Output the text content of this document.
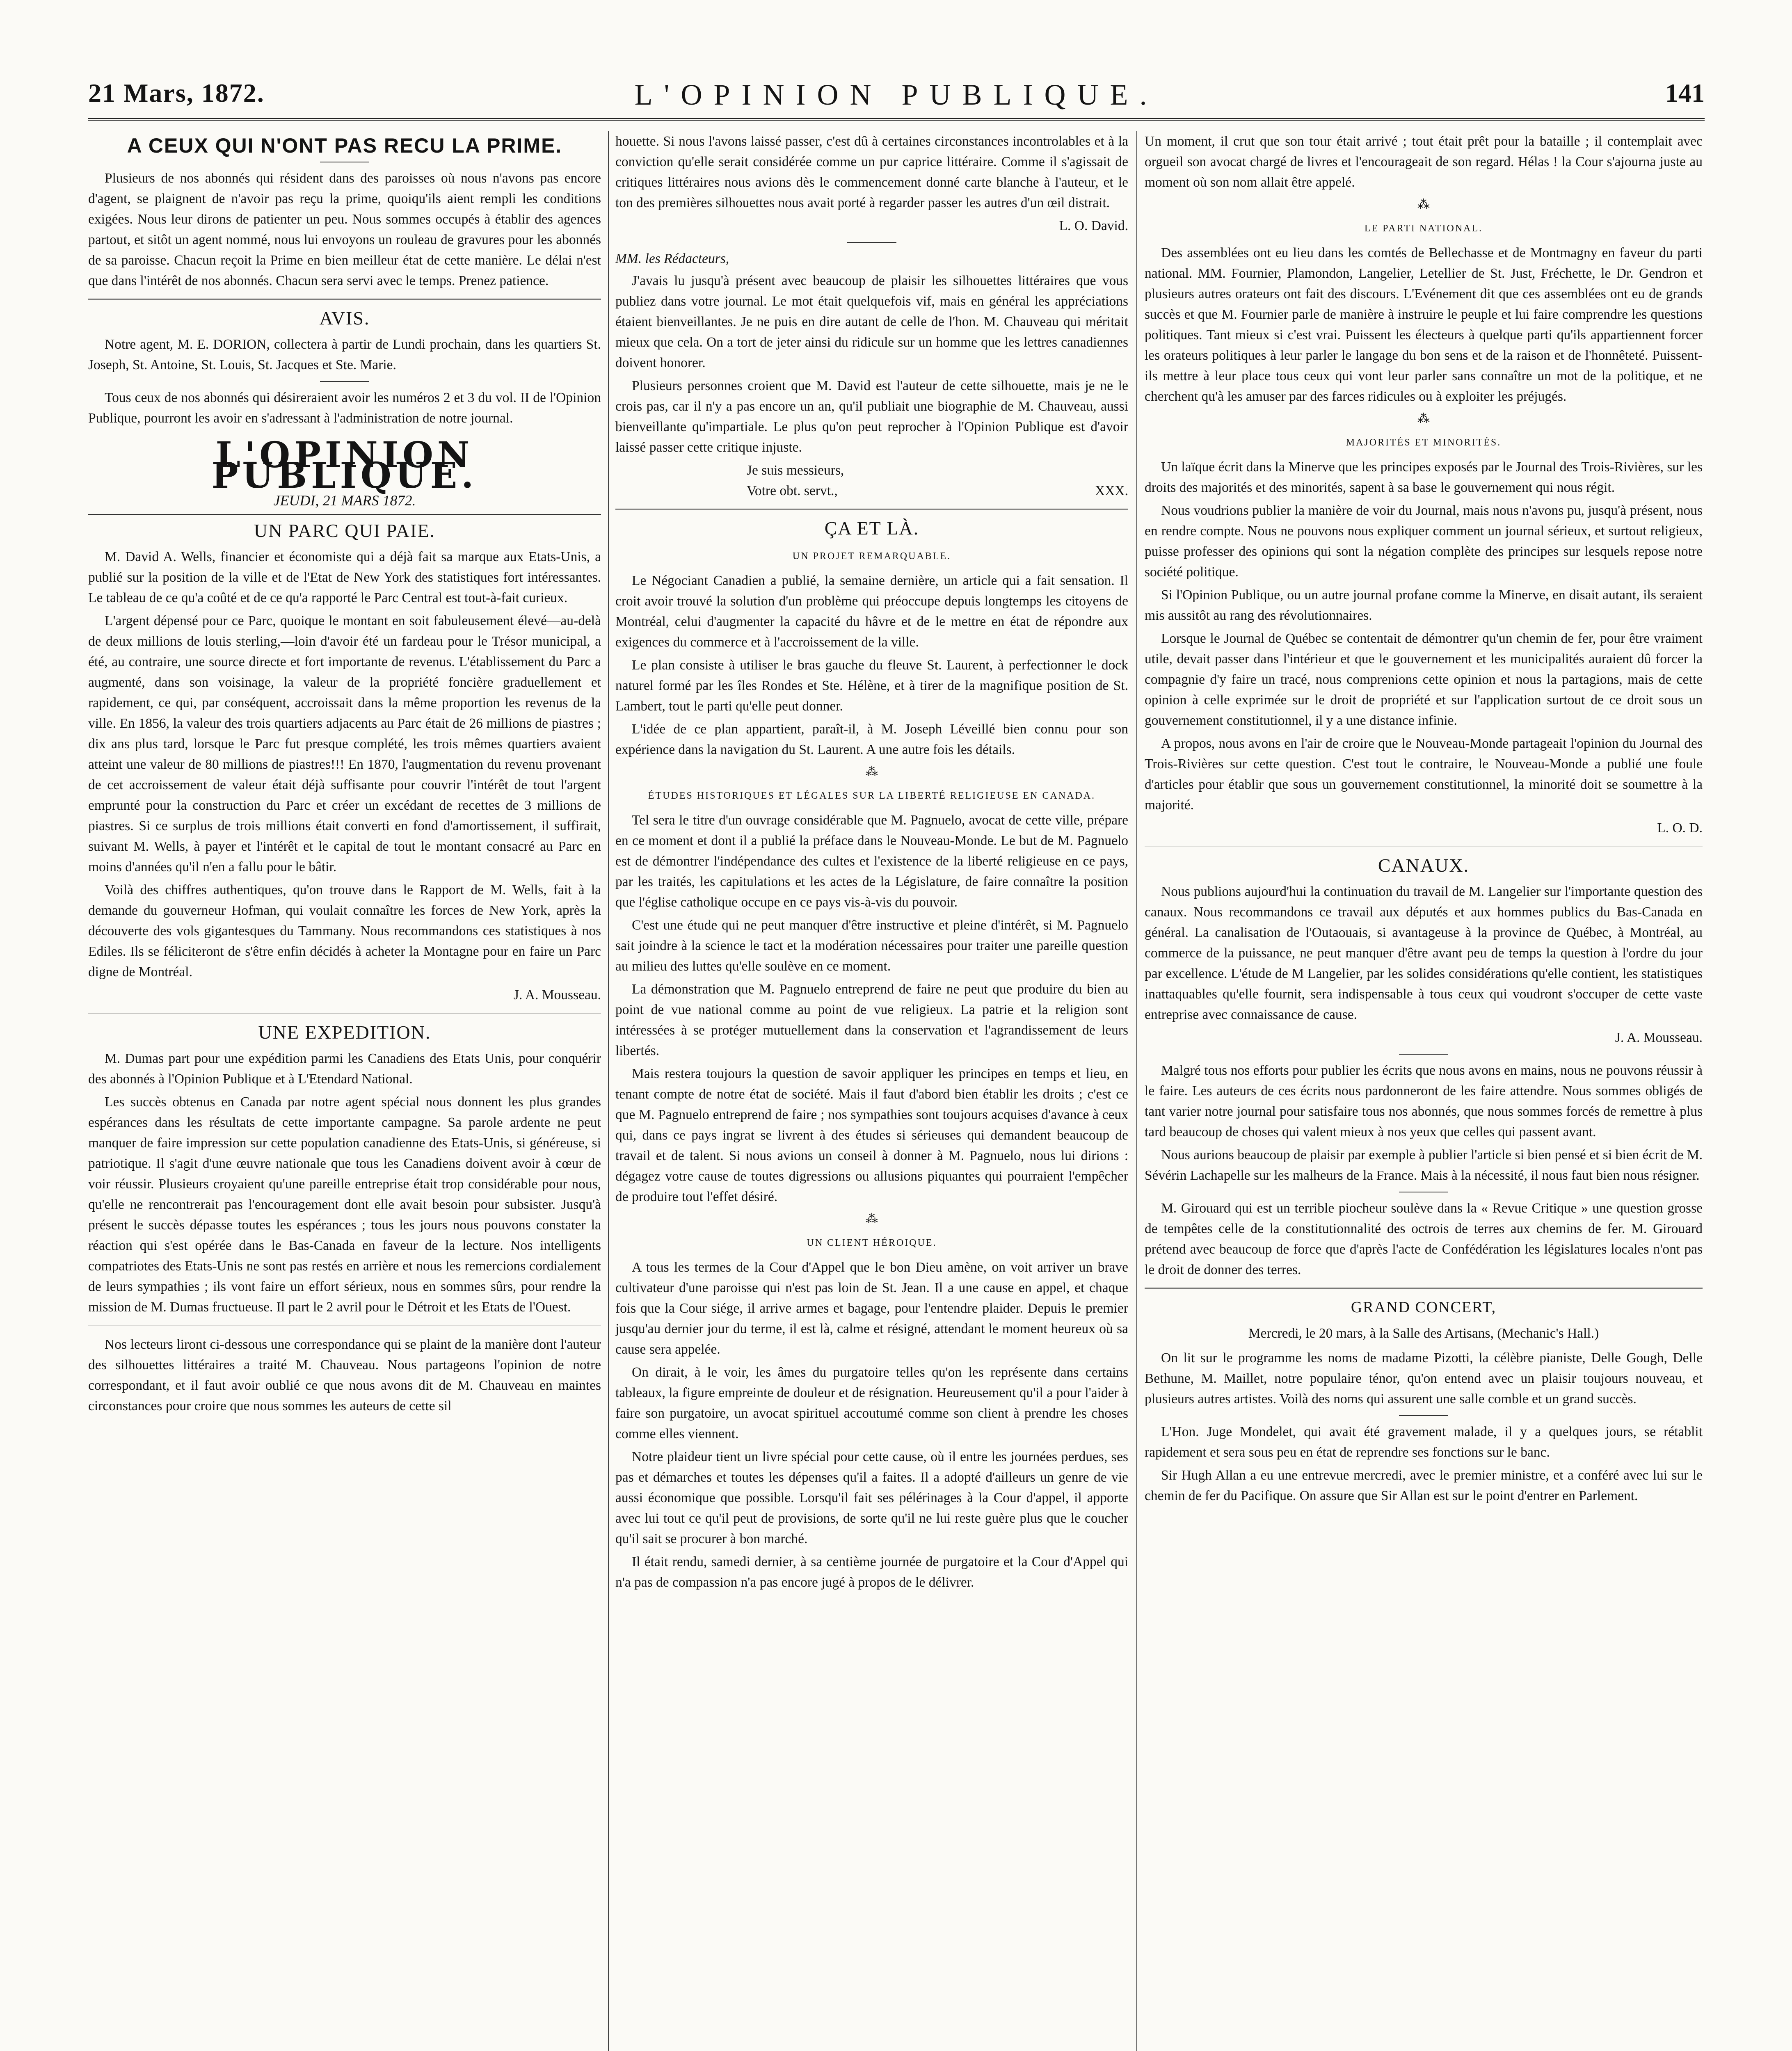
L'OPINION PUBLIQUE.
21 Mars, 1872.	141
A CEUX QUI N'ONT PAS RECU LA PRIME.

Plusieurs de nos abonnés qui résident dans des paroisses où nous n'avons pas encore d'agent, se plaignent de n'avoir pas reçu la prime, quoiqu'ils aient rempli les conditions exigées. Nous leur dirons de patienter un peu. Nous sommes occupés à établir des agences partout, et sitôt un agent nommé, nous lui envoyons un rouleau de gravures pour les abonnés de sa paroisse. Chacun reçoit la Prime en bien meilleur état de cette manière. Le délai n'est que dans l'intérêt de nos abonnés. Chacun sera servi avec le temps. Prenez patience.

AVIS.

Notre agent, M. E. DORION, collectera à partir de Lundi prochain, dans les quartiers St. Joseph, St. Antoine, St. Louis, St. Jacques et Ste. Marie.

Tous ceux de nos abonnés qui désireraient avoir les numéros 2 et 3 du vol. II de l'Opinion Publique, pourront les avoir en s'adressant à l'administration de notre journal.

L'OPINION PUBLIQUE.
JEUDI, 21 MARS 1872.
UN PARC QUI PAIE.

M. David A. Wells, financier et économiste qui a déjà fait sa marque aux Etats-Unis, a publié sur la position de la ville et de l'Etat de New York des statistiques fort intéressantes. Le tableau de ce qu'a coûté et de ce qu'a rapporté le Parc Central est tout-à-fait curieux.

L'argent dépensé pour ce Parc, quoique le montant en soit fabuleusement élevé—au-delà de deux millions de louis sterling,—loin d'avoir été un fardeau pour le Trésor municipal, a été, au contraire, une source directe et fort importante de revenus. L'établissement du Parc a augmenté, dans son voisinage, la valeur de la propriété foncière graduellement et rapidement, ce qui, par conséquent, accroissait dans la même proportion les revenus de la ville. En 1856, la valeur des trois quartiers adjacents au Parc était de 26 millions de piastres ; dix ans plus tard, lorsque le Parc fut presque complété, les trois mêmes quartiers avaient atteint une valeur de 80 millions de piastres!!! En 1870, l'augmentation du revenu provenant de cet accroissement de valeur était déjà suffisante pour couvrir l'intérêt de tout l'argent emprunté pour la construction du Parc et créer un excédant de recettes de 3 millions de piastres. Si ce surplus de trois millions était converti en fond d'amortissement, il suffirait, suivant M. Wells, à payer et l'intérêt et le capital de tout le montant consacré au Parc en moins d'années qu'il n'en a fallu pour le bâtir.

Voilà des chiffres authentiques, qu'on trouve dans le Rapport de M. Wells, fait à la demande du gouverneur Hofman, qui voulait connaître les forces de New York, après la découverte des vols gigantesques du Tammany. Nous recommandons ces statistiques à nos Ediles. Ils se féliciteront de s'être enfin décidés à acheter la Montagne pour en faire un Parc digne de Montréal.

J. A. Mousseau.
UNE EXPEDITION.

M. Dumas part pour une expédition parmi les Canadiens des Etats Unis, pour conquérir des abonnés à l'Opinion Publique et à L'Etendard National.

Les succès obtenus en Canada par notre agent spécial nous donnent les plus grandes espérances dans les résultats de cette importante campagne. Sa parole ardente ne peut manquer de faire impression sur cette population canadienne des Etats-Unis, si généreuse, si patriotique. Il s'agit d'une œuvre nationale que tous les Canadiens doivent avoir à cœur de voir réussir. Plusieurs croyaient qu'une pareille entreprise était trop considérable pour nous, qu'elle ne rencontrerait pas l'encouragement dont elle avait besoin pour subsister. Jusqu'à présent le succès dépasse toutes les espérances ; tous les jours nous pouvons constater la réaction qui s'est opérée dans le Bas-Canada en faveur de la lecture. Nos intelligents compatriotes des Etats-Unis ne sont pas restés en arrière et nous les remercions cordialement de leurs sympathies ; ils vont faire un effort sérieux, nous en sommes sûrs, pour rendre la mission de M. Dumas fructueuse. Il part le 2 avril pour le Détroit et les Etats de l'Ouest.

Nos lecteurs liront ci-dessous une correspondance qui se plaint de la manière dont l'auteur des silhouettes littéraires a traité M. Chauveau. Nous partageons l'opinion de notre correspondant, et il faut avoir oublié ce que nous avons dit de M. Chauveau en maintes circonstances pour croire que nous sommes les auteurs de cette sil

houette. Si nous l'avons laissé passer, c'est dû à certaines circonstances incontrolables et à la conviction qu'elle serait considérée comme un pur caprice littéraire. Comme il s'agissait de critiques littéraires nous avions dès le commencement donné carte blanche à l'auteur, et le ton des premières silhouettes nous avait porté à regarder passer les autres d'un œil distrait.

L. O. David.
MM. les Rédacteurs,

J'avais lu jusqu'à présent avec beaucoup de plaisir les silhouettes littéraires que vous publiez dans votre journal. Le mot était quelquefois vif, mais en général les appréciations étaient bienveillantes. Je ne puis en dire autant de celle de l'hon. M. Chauveau qui méritait mieux que cela. On a tort de jeter ainsi du ridicule sur un homme que les lettres canadiennes doivent honorer.

Plusieurs personnes croient que M. David est l'auteur de cette silhouette, mais je ne le crois pas, car il n'y a pas encore un an, qu'il publiait une biographie de M. Chauveau, aussi bienveillante qu'impartiale. Le plus qu'on peut reprocher à l'Opinion Publique est d'avoir laissé passer cette critique injuste.

Je suis messieurs,

Votre obt. servt.,	XXX.
ÇA ET LÀ.
UN PROJET REMARQUABLE.

Le Négociant Canadien a publié, la semaine dernière, un article qui a fait sensation. Il croit avoir trouvé la solution d'un problème qui préoccupe depuis longtemps les citoyens de Montréal, celui d'augmenter la capacité du hâvre et de le mettre en état de répondre aux exigences du commerce et à l'accroissement de la ville.

Le plan consiste à utiliser le bras gauche du fleuve St. Laurent, à perfectionner le dock naturel formé par les îles Rondes et Ste. Hélène, et à tirer de la magnifique position de St. Lambert, tout le parti qu'elle peut donner.

L'idée de ce plan appartient, paraît-il, à M. Joseph Léveillé bien connu pour son expérience dans la navigation du St. Laurent. A une autre fois les détails.

⁂
ÉTUDES HISTORIQUES ET LÉGALES SUR LA LIBERTÉ RELIGIEUSE EN CANADA.

Tel sera le titre d'un ouvrage considérable que M. Pagnuelo, avocat de cette ville, prépare en ce moment et dont il a publié la préface dans le Nouveau-Monde. Le but de M. Pagnuelo est de démontrer l'indépendance des cultes et l'existence de la liberté religieuse en ce pays, par les traités, les capitulations et les actes de la Législature, de faire connaître la position que l'église catholique occupe en ce pays vis-à-vis du pouvoir.

C'est une étude qui ne peut manquer d'être instructive et pleine d'intérêt, si M. Pagnuelo sait joindre à la science le tact et la modération nécessaires pour traiter une pareille question au milieu des luttes qu'elle soulève en ce moment.

La démonstration que M. Pagnuelo entreprend de faire ne peut que produire du bien au point de vue national comme au point de vue religieux. La patrie et la religion sont intéressées à se protéger mutuellement dans la conservation et l'agrandissement de leurs libertés.

Mais restera toujours la question de savoir appliquer les principes en temps et lieu, en tenant compte de notre état de société. Mais il faut d'abord bien établir les droits ; c'est ce que M. Pagnuelo entreprend de faire ; nos sympathies sont toujours acquises d'avance à ceux qui, dans ce pays ingrat se livrent à des études si sérieuses qui demandent beaucoup de travail et de talent. Si nous avions un conseil à donner à M. Pagnuelo, nous lui dirions : dégagez votre cause de toutes digressions ou allusions piquantes qui pourraient l'empêcher de produire tout l'effet désiré.

⁂
UN CLIENT HÉROIQUE.

A tous les termes de la Cour d'Appel que le bon Dieu amène, on voit arriver un brave cultivateur d'une paroisse qui n'est pas loin de St. Jean. Il a une cause en appel, et chaque fois que la Cour siége, il arrive armes et bagage, pour l'entendre plaider. Depuis le premier jusqu'au dernier jour du terme, il est là, calme et résigné, attendant le moment heureux où sa cause sera appelée.

On dirait, à le voir, les âmes du purgatoire telles qu'on les représente dans certains tableaux, la figure empreinte de douleur et de résignation. Heureusement qu'il a pour l'aider à faire son purgatoire, un avocat spirituel accoutumé comme son client à prendre les choses comme elles viennent.

Notre plaideur tient un livre spécial pour cette cause, où il entre les journées perdues, ses pas et démarches et toutes les dépenses qu'il a faites. Il a adopté d'ailleurs un genre de vie aussi économique que possible. Lorsqu'il fait ses pélérinages à la Cour d'appel, il apporte avec lui tout ce qu'il peut de provisions, de sorte qu'il ne lui reste guère plus que le coucher qu'il sait se procurer à bon marché.

Il était rendu, samedi dernier, à sa centième journée de purgatoire et la Cour d'Appel qui n'a pas de compassion n'a pas encore jugé à propos de le délivrer.

Un moment, il crut que son tour était arrivé ; tout était prêt pour la bataille ; il contemplait avec orgueil son avocat chargé de livres et l'encourageait de son regard. Hélas ! la Cour s'ajourna juste au moment où son nom allait être appelé.

⁂
LE PARTI NATIONAL.

Des assemblées ont eu lieu dans les comtés de Bellechasse et de Montmagny en faveur du parti national. MM. Fournier, Plamondon, Langelier, Letellier de St. Just, Fréchette, le Dr. Gendron et plusieurs autres orateurs ont fait des discours. L'Evénement dit que ces assemblées ont eu de grands succès et que M. Fournier parle de manière à instruire le peuple et lui faire comprendre les questions politiques. Tant mieux si c'est vrai. Puissent les électeurs à quelque parti qu'ils appartiennent forcer les orateurs politiques à leur parler le langage du bon sens et de la raison et de l'honnêteté. Puissent-ils mettre à leur place tous ceux qui vont leur parler sans connaître un mot de la politique, et ne cherchent qu'à les amuser par des farces ridicules ou à exploiter les préjugés.

⁂
MAJORITÉS ET MINORITÉS.

Un laïque écrit dans la Minerve que les principes exposés par le Journal des Trois-Rivières, sur les droits des majorités et des minorités, sapent à sa base le gouvernement qui nous régit.

Nous voudrions publier la manière de voir du Journal, mais nous n'avons pu, jusqu'à présent, nous en rendre compte. Nous ne pouvons nous expliquer comment un journal sérieux, et surtout religieux, puisse professer des opinions qui sont la négation complète des principes sur lesquels repose notre société politique.

Si l'Opinion Publique, ou un autre journal profane comme la Minerve, en disait autant, ils seraient mis aussitôt au rang des révolutionnaires.

Lorsque le Journal de Québec se contentait de démontrer qu'un chemin de fer, pour être vraiment utile, devait passer dans l'intérieur et que le gouvernement et les municipalités auraient dû forcer la compagnie d'y faire un tracé, nous comprenions cette opinion et nous la partagions, mais de cette opinion à celle exprimée sur le droit de propriété et sur l'application surtout de ce droit sous un gouvernement constitutionnel, il y a une distance infinie.

A propos, nous avons en l'air de croire que le Nouveau-Monde partageait l'opinion du Journal des Trois-Rivières sur cette question. C'est tout le contraire, le Nouveau-Monde a publié une foule d'articles pour établir que sous un gouvernement constitutionnel, la minorité doit se soumettre à la majorité.

L. O. D.
CANAUX.

Nous publions aujourd'hui la continuation du travail de M. Langelier sur l'importante question des canaux. Nous recommandons ce travail aux députés et aux hommes publics du Bas-Canada en général. La canalisation de l'Outaouais, si avantageuse à la province de Québec, à Montréal, au commerce de la puissance, ne peut manquer d'être avant peu de temps la question à l'ordre du jour par excellence. L'étude de M Langelier, par les solides considérations qu'elle contient, les statistiques inattaquables qu'elle fournit, sera indispensable à tous ceux qui voudront s'occuper de cette vaste entreprise avec connaissance de cause.

J. A. Mousseau.

Malgré tous nos efforts pour publier les écrits que nous avons en mains, nous ne pouvons réussir à le faire. Les auteurs de ces écrits nous pardonneront de les faire attendre. Nous sommes obligés de tant varier notre journal pour satisfaire tous nos abonnés, que nous sommes forcés de remettre à plus tard beaucoup de choses qui valent mieux à nos yeux que celles qui passent avant.

Nous aurions beaucoup de plaisir par exemple à publier l'article si bien pensé et si bien écrit de M. Sévérin Lachapelle sur les malheurs de la France. Mais à la nécessité, il nous faut bien nous résigner.

M. Girouard qui est un terrible piocheur soulève dans la « Revue Critique » une question grosse de tempêtes celle de la constitutionnalité des octrois de terres aux chemins de fer. M. Girouard prétend avec beaucoup de force que d'après l'acte de Confédération les législatures locales n'ont pas le droit de donner des terres.

GRAND CONCERT,
Mercredi, le 20 mars, à la Salle des Artisans, (Mechanic's Hall.)

On lit sur le programme les noms de madame Pizotti, la célèbre pianiste, Delle Gough, Delle Bethune, M. Maillet, notre populaire ténor, qu'on entend avec un plaisir toujours nouveau, et plusieurs autres artistes. Voilà des noms qui assurent une salle comble et un grand succès.

L'Hon. Juge Mondelet, qui avait été gravement malade, il y a quelques jours, se rétablit rapidement et sera sous peu en état de reprendre ses fonctions sur le banc.

Sir Hugh Allan a eu une entrevue mercredi, avec le premier ministre, et a conféré avec lui sur le chemin de fer du Pacifique. On assure que Sir Allan est sur le point d'entrer en Parlement.
